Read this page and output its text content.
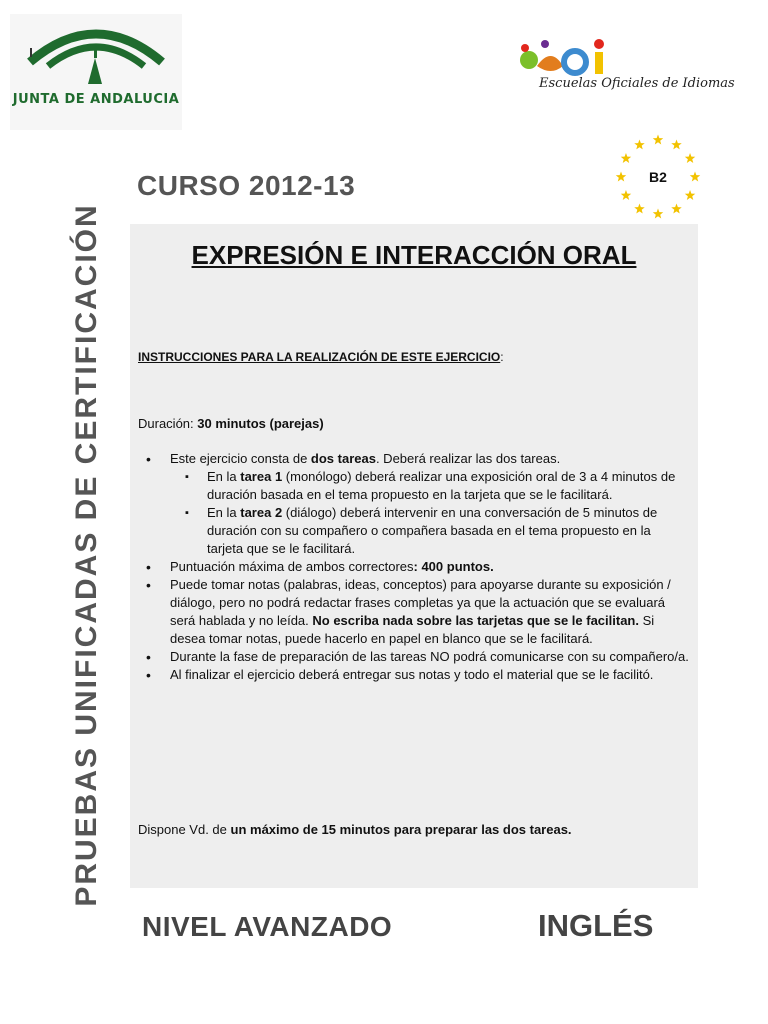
JUNTA DE ANDALUCIA
Escuelas Oficiales de Idiomas
B2
CURSO 2012-13
PRUEBAS UNIFICADAS DE CERTIFICACIÓN	EXPRESIÓN E INTERACCIÓN ORAL
INSTRUCCIONES PARA LA REALIZACIÓN DE ESTE EJERCICIO:
Duración: 30 minutos (parejas)
• Este ejercicio consta de dos tareas. Deberá realizar las dos tareas.
▪ En la tarea 1 (monólogo) deberá realizar una exposición oral de 3 a 4 minutos de duración basada en el tema propuesto en la tarjeta que se le facilitará.
▪ En la tarea 2 (diálogo) deberá intervenir en una conversación de 5 minutos de duración con su compañero o compañera basada en el tema propuesto en la tarjeta que se le facilitará.
• Puntuación máxima de ambos correctores: 400 puntos.
• Puede tomar notas (palabras, ideas, conceptos) para apoyarse durante su exposición / diálogo, pero no podrá redactar frases completas ya que la actuación que se evaluará será hablada y no leída. No escriba nada sobre las tarjetas que se le facilitan. Si desea tomar notas, puede hacerlo en papel en blanco que se le facilitará.
• Durante la fase de preparación de las tareas NO podrá comunicarse con su compañero/a.
• Al finalizar el ejercicio deberá entregar sus notas y todo el material que se le facilitó.
Dispone Vd. de un máximo de 15 minutos para preparar las dos tareas.
NIVEL AVANZADO	INGLÉS
